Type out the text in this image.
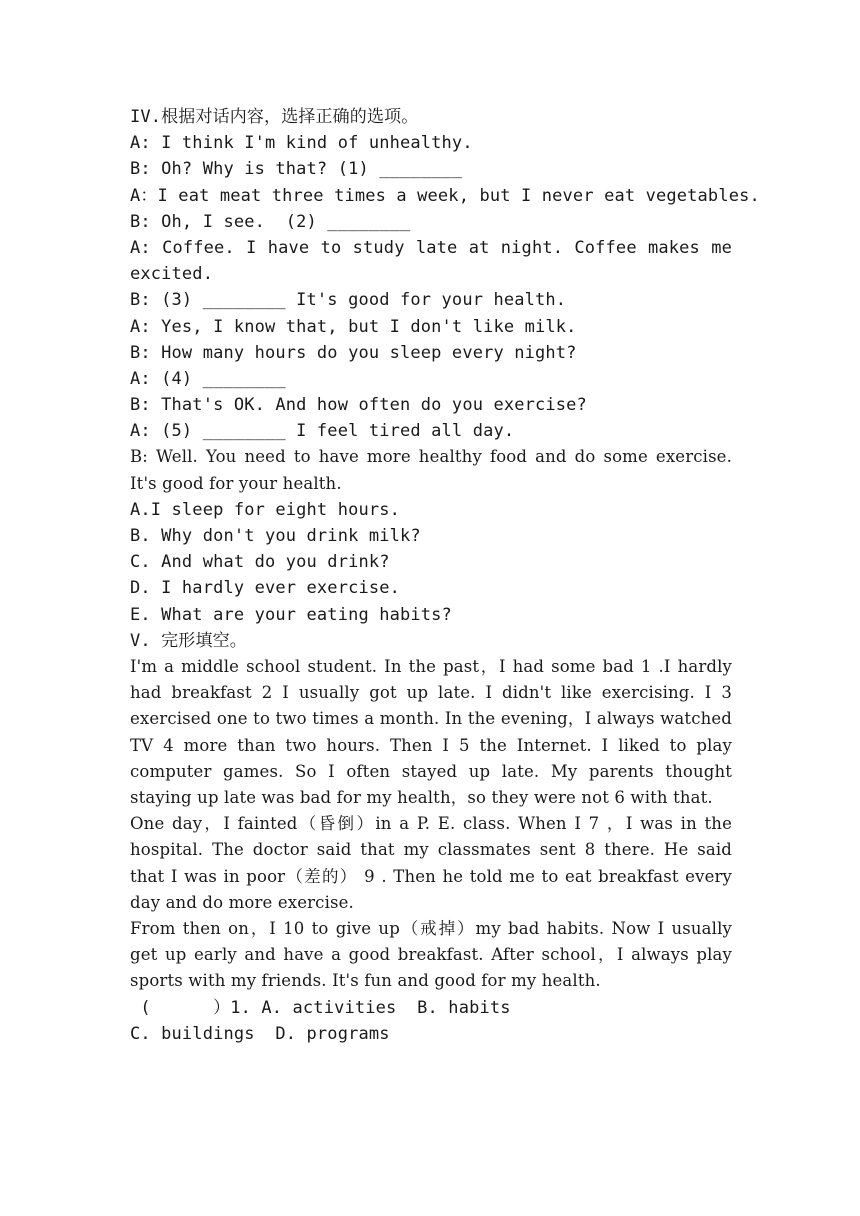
IV.根据对话内容，选择正确的选项。
A: I think I'm kind of unhealthy.
B: Oh? Why is that? (1) ________
A：I eat meat three times a week, but I never eat vegetables.
B: Oh, I see.  (2) ________
A: Coffee. I have to study late at night. Coffee makes me excited.
B: (3) ________ It's good for your health.
A: Yes, I know that, but I don't like milk.
B: How many hours do you sleep every night?
A: (4) ________
B: That's OK. And how often do you exercise?
A: (5) ________ I feel tired all day.
B: Well. You need to have more healthy food and do some exercise. It's good for your health.
A.I sleep for eight hours.
B. Why don't you drink milk?
C. And what do you drink?
D. I hardly ever exercise.
E. What are your eating habits?
V. 完形填空。
I'm a middle school student. In the past，I had some bad 1 .I hardly had breakfast 2 I usually got up late. I didn't like exercising. I 3 exercised one to two times a month. In the evening，I always watched TV 4 more than two hours. Then I 5 the Internet. I liked to play computer games. So I often stayed up late. My parents thought staying up late was bad for my health，so they were not 6 with that.
One day，I fainted（昏倒）in a P. E. class. When I 7 ，I was in the hospital. The doctor said that my classmates sent 8 there. He said that I was in poor（差的） 9 . Then he told me to eat breakfast every day and do more exercise.
From then on，I 10 to give up（戒掉）my bad habits. Now I usually get up early and have a good breakfast. After school，I always play sports with my friends. It's fun and good for my health.
(      ）1. A. activities  B. habits
C. buildings  D. programs
